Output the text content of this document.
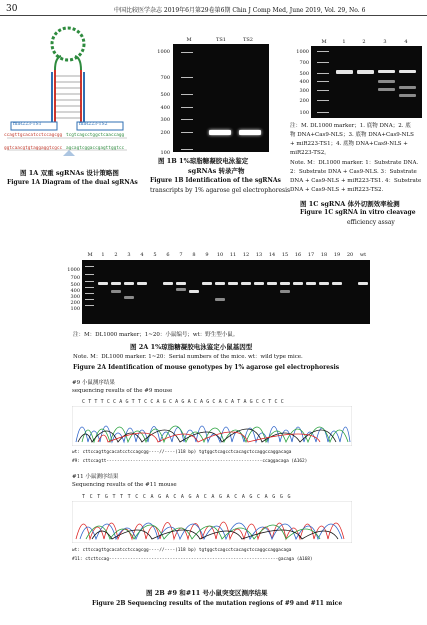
30	中国比较医学杂志 2019年6月第29卷第6期 Chin J Comp Med, June 2019, Vol. 29, No. 6
miR223-TS1	miR223-TS2
ccagttgcacatcctccagcgg tcgtcagcctggctcaaccagg
ggtcaacgtgtaggaggtcgcc agcagtcggaccgagttggtcc
图 1A 双重 sgRNAs 设计策略图
Figure 1A Diagram of the dual sgRNAs
M	TS1	TS2
1000
700
500
400
300
200
100
图 1B 1%琼脂糖凝胶电泳鉴定
sgRNAs 转录产物
Figure 1B Identification of the sgRNAs
transcripts by 1% agarose gel electrophoresis
M	1	2	3	4
1000
700
500
400
300
200
100
注：M. DL1000 marker；1. 底物 DNA；2. 底
物 DNA+Cas9-NLS；3. 底物 DNA+Cas9-NLS
+ miR223-TS1；4. 底物 DNA+Cas9-NLS +
miR223-TS2。
Note. M：DL1000 marker. 1：Substrate DNA.
2：Substrate DNA + Cas9-NLS. 3：Substrate
DNA + Cas9-NLS + miR223-TS1. 4：Substrate
DNA + Cas9-NLS + miR223-TS2.
图 1C sgRNA 体外切割效率检测
Figure 1C sgRNA in vitro cleavage
efficiency assay
M	1	2	3	4	5	6	7	8	9	10	11	12	13	14	15	16	17	18	19	20	wt
1000
700
500
400
300
200
100
注：M：DL1000 marker；1~20：小鼠编号；wt：野生型小鼠。
图 2A 1%琼脂糖凝胶电泳鉴定小鼠基因型
Note. M：DL1000 marker. 1~20：Serial numbers of the mice. wt：wild type mice.
Figure 2A Identification of mouse genotypes by 1% agarose gel electrophoresis
#9 小鼠测序结果
sequencing results of the #9 mouse
CTTTCCAGTTCCAGCAGACAGCACATAGCCTCC
wt: cttccagttgcacatcctccagcgg----//----(118 bp) tgtggctcagcctcacagctccaggccaggacaga
#9: cttccagtt-----------------------------------------------------------ccaggacaga (Δ162)
#11 小鼠测序结果
Sequencing results of the #11 mouse
TCTGTTTCCAGACAGACAGACAGCAGGG
wt: cttccagttgcacatcctccagcgg----//----(118 bp) tgtggctcagcctcacagctccaggccaggacaga
#11: ctcttccag----------------------------------------------------------------gacaga (Δ168)
图 2B #9 和#11 号小鼠突变区测序结果
Figure 2B Sequencing results of the mutation regions of #9 and #11 mice
